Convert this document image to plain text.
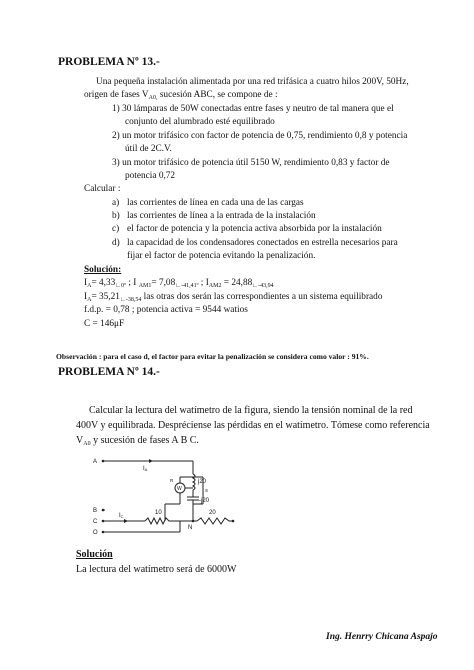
PROBLEMA Nº 13.-
Una pequeña instalación alimentada por una red trifásica a cuatro hilos 200V, 50Hz,
origen de fases $V_{A0,}$ sucesión ABC, se compone de :
1) 30 lámparas de 50W conectadas entre fases y neutro de tal manera que el
conjunto del alumbrado esté equilibrado
2) un motor trifásico con factor de potencia de 0,75, rendimiento 0,8 y potencia
útil de 2C.V.
3) un motor trifásico de potencia útil 5150 W, rendimiento 0,83 y factor de
potencia 0,72
Calcular :
a) las corrientes de línea en cada una de las cargas
b) las corrientes de línea a la entrada de la instalación
c) el factor de potencia y la potencia activa absorbida por la instalación
d) la capacidad de los condensadores conectados en estrella necesarios para
fijar el factor de potencia evitando la penalización.
Solución:
$I_A= 4,33_{∟0º}$ ; I $_{AM1}= 7,08_{∟-41,41º}$ ; $I_{AM2} = 24,88_{∟-43,94}$
$I_A= 35,21_{∟-38,54}$ las otras dos serán las correspondientes a un sistema equilibrado
f.d.p. = 0,78 ; potencia activa = 9544 watios
C = 146μF
Observación : para el caso d, el factor para evitar la penalización se considera como valor : 91%.
PROBLEMA Nº 14.-
Calcular la lectura del watímetro de la figura, siendo la tensión nominal de la red
400V y equilibrada. Despréciense las pérdidas en el watímetro. Tómese como referencia
$V_{A0}$ y sucesión de fases A B C.
A
B
C
O
IA
IC
j20
-j20
W
10	20
N
R
S
Solución
La lectura del watímetro será de 6000W
Ing. Henrry Chicana Aspajo
